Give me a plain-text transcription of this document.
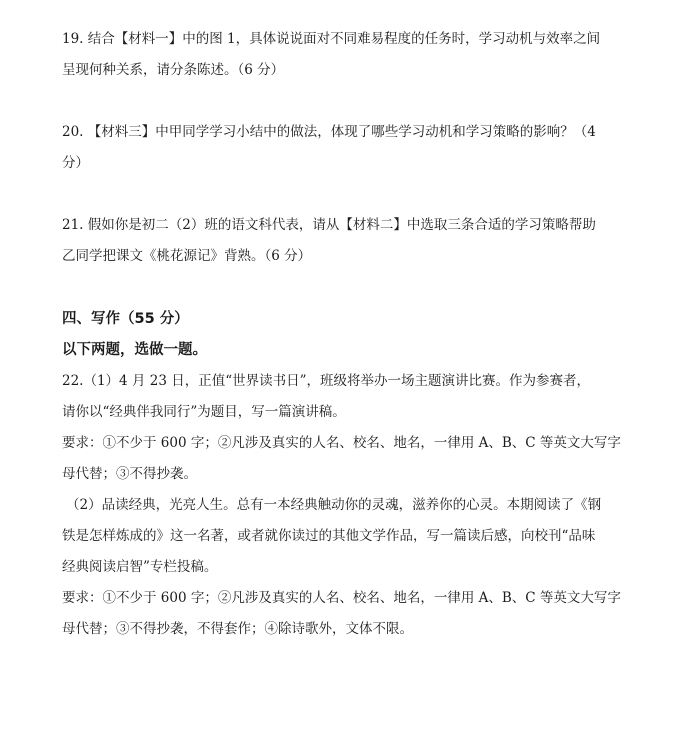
19. 结合【材料一】中的图 1，具体说说面对不同难易程度的任务时，学习动机与效率之间
呈现何种关系，请分条陈述。（6 分）
20. 【材料三】中甲同学学习小结中的做法，体现了哪些学习动机和学习策略的影响？（4
分）
21. 假如你是初二（2）班的语文科代表，请从【材料二】中选取三条合适的学习策略帮助
乙同学把课文《桃花源记》背熟。（6 分）
四、写作（55 分）
以下两题，选做一题。
22.（1）4 月 23 日，正值“世界读书日”，班级将举办一场主题演讲比赛。作为参赛者，
请你以“经典伴我同行”为题目，写一篇演讲稿。
要求：①不少于 600 字；②凡涉及真实的人名、校名、地名，一律用 A、B、C 等英文大写字
母代替；③不得抄袭。
（2）品读经典，光亮人生。总有一本经典触动你的灵魂，滋养你的心灵。本期阅读了《钢
铁是怎样炼成的》这一名著，或者就你读过的其他文学作品，写一篇读后感，向校刊“品味
经典阅读启智”专栏投稿。
要求：①不少于 600 字；②凡涉及真实的人名、校名、地名，一律用 A、B、C 等英文大写字
母代替；③不得抄袭，不得套作；④除诗歌外，文体不限。
